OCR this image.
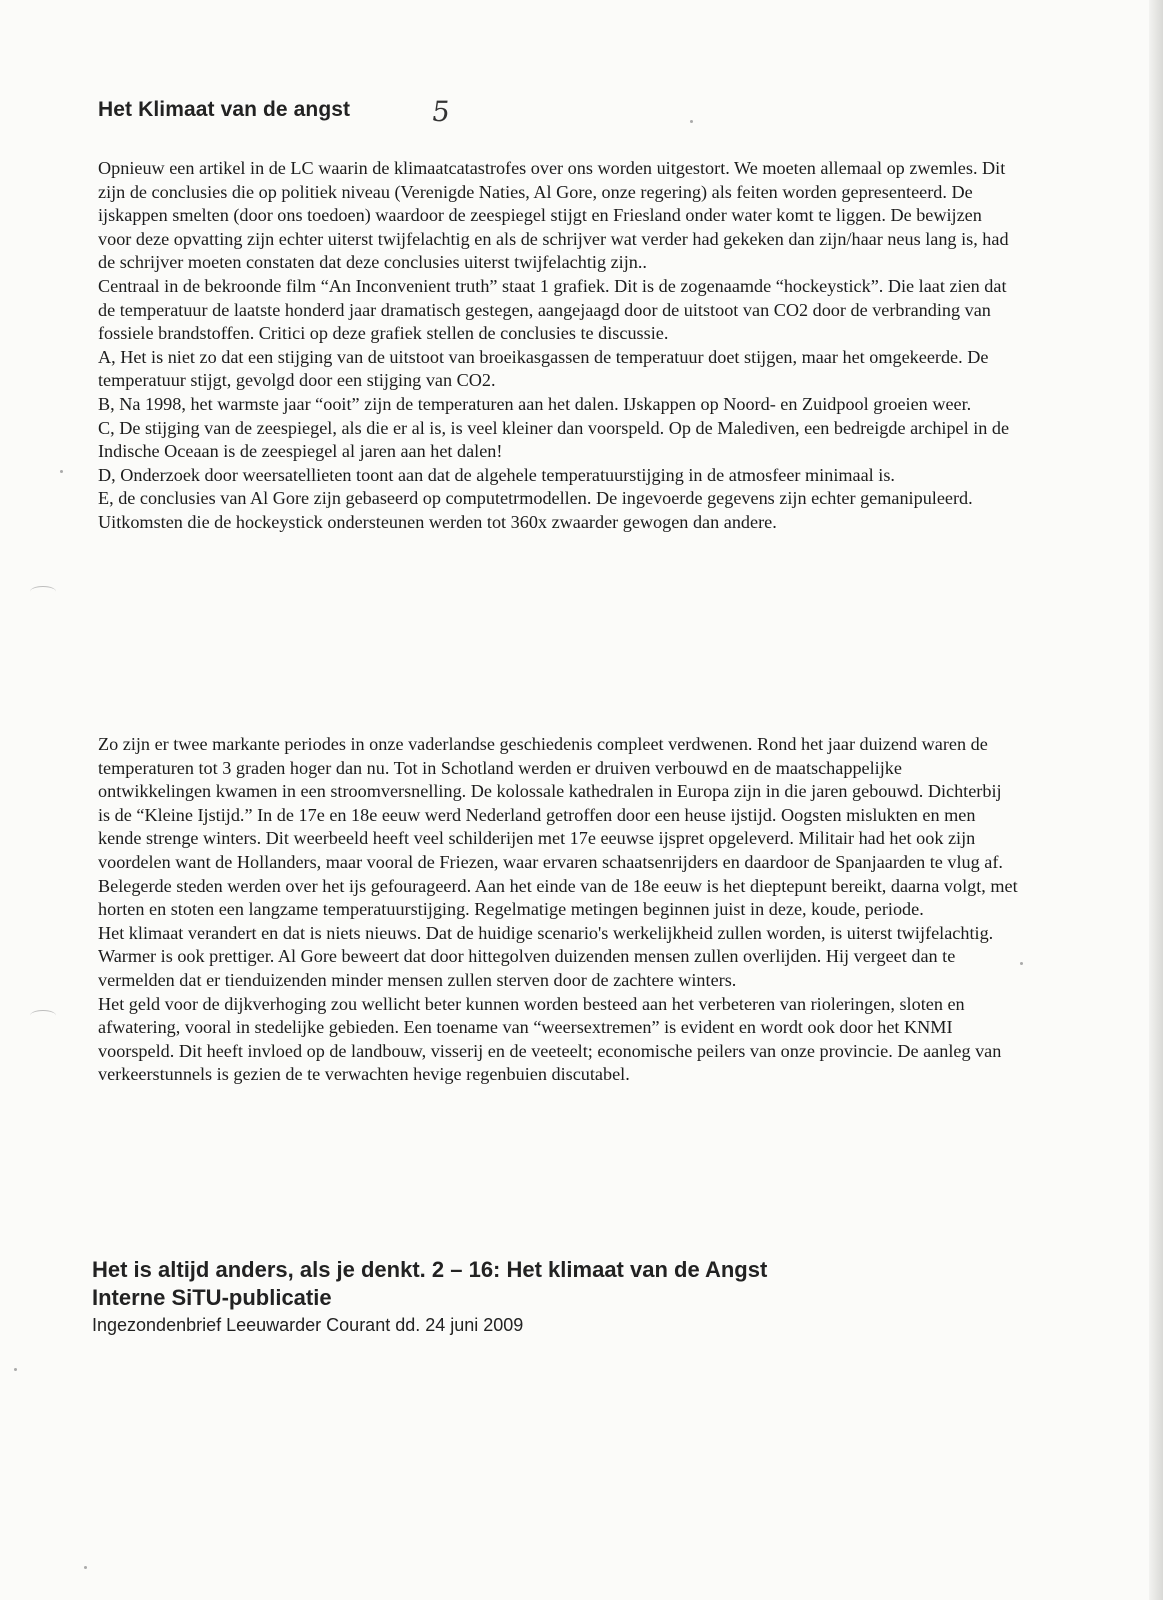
Het Klimaat van de angst	5

Opnieuw een artikel in de LC waarin de klimaatcatastrofes over ons worden uitgestort. We moeten allemaal op zwemles. Dit zijn de conclusies die op politiek niveau (Verenigde Naties, Al Gore, onze regering) als feiten worden gepresenteerd. De ijskappen smelten (door ons toedoen) waardoor de zeespiegel stijgt en Friesland onder water komt te liggen. De bewijzen voor deze opvatting zijn echter uiterst twijfelachtig en als de schrijver wat verder had gekeken dan zijn/haar neus lang is, had de schrijver moeten constaten dat deze conclusies uiterst twijfelachtig zijn..

Centraal in de bekroonde film “An Inconvenient truth” staat 1 grafiek. Dit is de zogenaamde “hockeystick”. Die laat zien dat de temperatuur de laatste honderd jaar dramatisch gestegen, aangejaagd door de uitstoot van CO2 door de verbranding van fossiele brandstoffen. Critici op deze grafiek stellen de conclusies te discussie.

A, Het is niet zo dat een stijging van de uitstoot van broeikasgassen de temperatuur doet stijgen, maar het omgekeerde. De temperatuur stijgt, gevolgd door een stijging van CO2.

B, Na 1998, het warmste jaar “ooit” zijn de temperaturen aan het dalen. IJskappen op Noord- en Zuidpool groeien weer.

C, De stijging van de zeespiegel, als die er al is, is veel kleiner dan voorspeld. Op de Malediven, een bedreigde archipel in de Indische Oceaan is de zeespiegel al jaren aan het dalen!

D, Onderzoek door weersatellieten toont aan dat de algehele temperatuurstijging in de atmosfeer minimaal is.

E, de conclusies van Al Gore zijn gebaseerd op computetrmodellen. De ingevoerde gegevens zijn echter gemanipuleerd. Uitkomsten die de hockeystick ondersteunen werden tot 360x zwaarder gewogen dan andere.

Zo zijn er twee markante periodes in onze vaderlandse geschiedenis compleet verdwenen. Rond het jaar duizend waren de temperaturen tot 3 graden hoger dan nu. Tot in Schotland werden er druiven verbouwd en de maatschappelijke ontwikkelingen kwamen in een stroomversnelling. De kolossale kathedralen in Europa zijn in die jaren gebouwd. Dichterbij is de “Kleine Ijstijd.” In de 17e en 18e eeuw werd Nederland getroffen door een heuse ijstijd. Oogsten mislukten en men kende strenge winters. Dit weerbeeld heeft veel schilderijen met 17e eeuwse ijspret opgeleverd. Militair had het ook zijn voordelen want de Hollanders, maar vooral de Friezen, waar ervaren schaatsenrijders en daardoor de Spanjaarden te vlug af. Belegerde steden werden over het ijs gefourageerd. Aan het einde van de 18e eeuw is het dieptepunt bereikt, daarna volgt, met horten en stoten een langzame temperatuurstijging. Regelmatige metingen beginnen juist in deze, koude, periode.

Het klimaat verandert en dat is niets nieuws. Dat de huidige scenario's werkelijkheid zullen worden, is uiterst twijfelachtig. Warmer is ook prettiger. Al Gore beweert dat door hittegolven duizenden mensen zullen overlijden. Hij vergeet dan te vermelden dat er tienduizenden minder mensen zullen sterven door de zachtere winters.

Het geld voor de dijkverhoging zou wellicht beter kunnen worden besteed aan het verbeteren van rioleringen, sloten en afwatering, vooral in stedelijke gebieden. Een toename van “weersextremen” is evident en wordt ook door het KNMI voorspeld. Dit heeft invloed op de landbouw, visserij en de veeteelt; economische peilers van onze provincie. De aanleg van verkeerstunnels is gezien de te verwachten hevige regenbuien discutabel.

Het is altijd anders, als je denkt. 2 – 16: Het klimaat van de Angst
Interne SiTU-publicatie
Ingezondenbrief Leeuwarder Courant dd. 24 juni 2009
